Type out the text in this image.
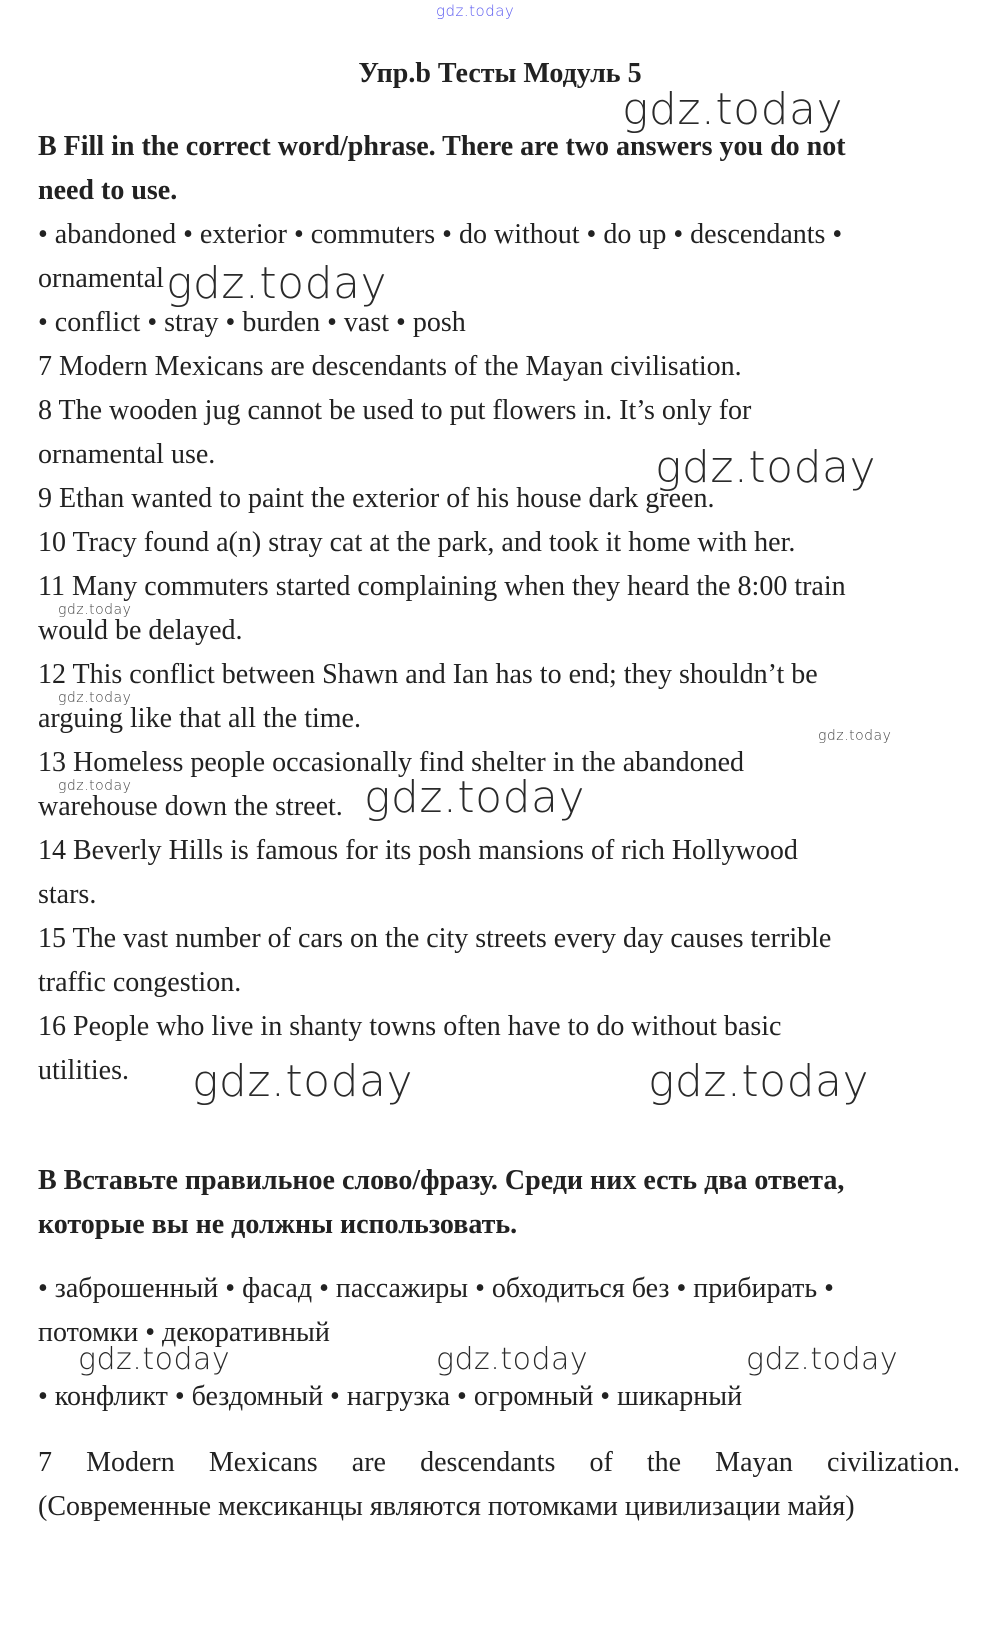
gdz.today
gdz.today
gdz.today
gdz.today
gdz.today
gdz.today
gdz.today
gdz.today	gdz.today
gdz.today	gdz.today
gdz.today	gdz.today	gdz.today
Упр.b Тесты Модуль 5
B Fill in the correct word/phrase. There are two answers you do not
need to use.
• abandoned • exterior • commuters • do without • do up • descendants •
ornamental
• conflict • stray • burden • vast • posh
7 Modern Mexicans are descendants of the Mayan civilisation.
8 The wooden jug cannot be used to put flowers in. It’s only for
ornamental use.
9 Ethan wanted to paint the exterior of his house dark green.
10 Tracy found a(n) stray cat at the park, and took it home with her.
11 Many commuters started complaining when they heard the 8:00 train
would be delayed.
12 This conflict between Shawn and Ian has to end; they shouldn’t be
arguing like that all the time.
13 Homeless people occasionally find shelter in the abandoned
warehouse down the street.
14 Beverly Hills is famous for its posh mansions of rich Hollywood
stars.
15 The vast number of cars on the city streets every day causes terrible
traffic congestion.
16 People who live in shanty towns often have to do without basic
utilities.
B Вставьте правильное слово/фразу. Среди них есть два ответа,
которые вы не должны использовать.
• заброшенный • фасад • пассажиры • обходиться без • прибирать •
потомки • декоративный
• конфликт • бездомный • нагрузка • огромный • шикарный
7 Modern Mexicans are descendants of the Mayan civilization.
(Современные мексиканцы являются потомками цивилизации майя)
